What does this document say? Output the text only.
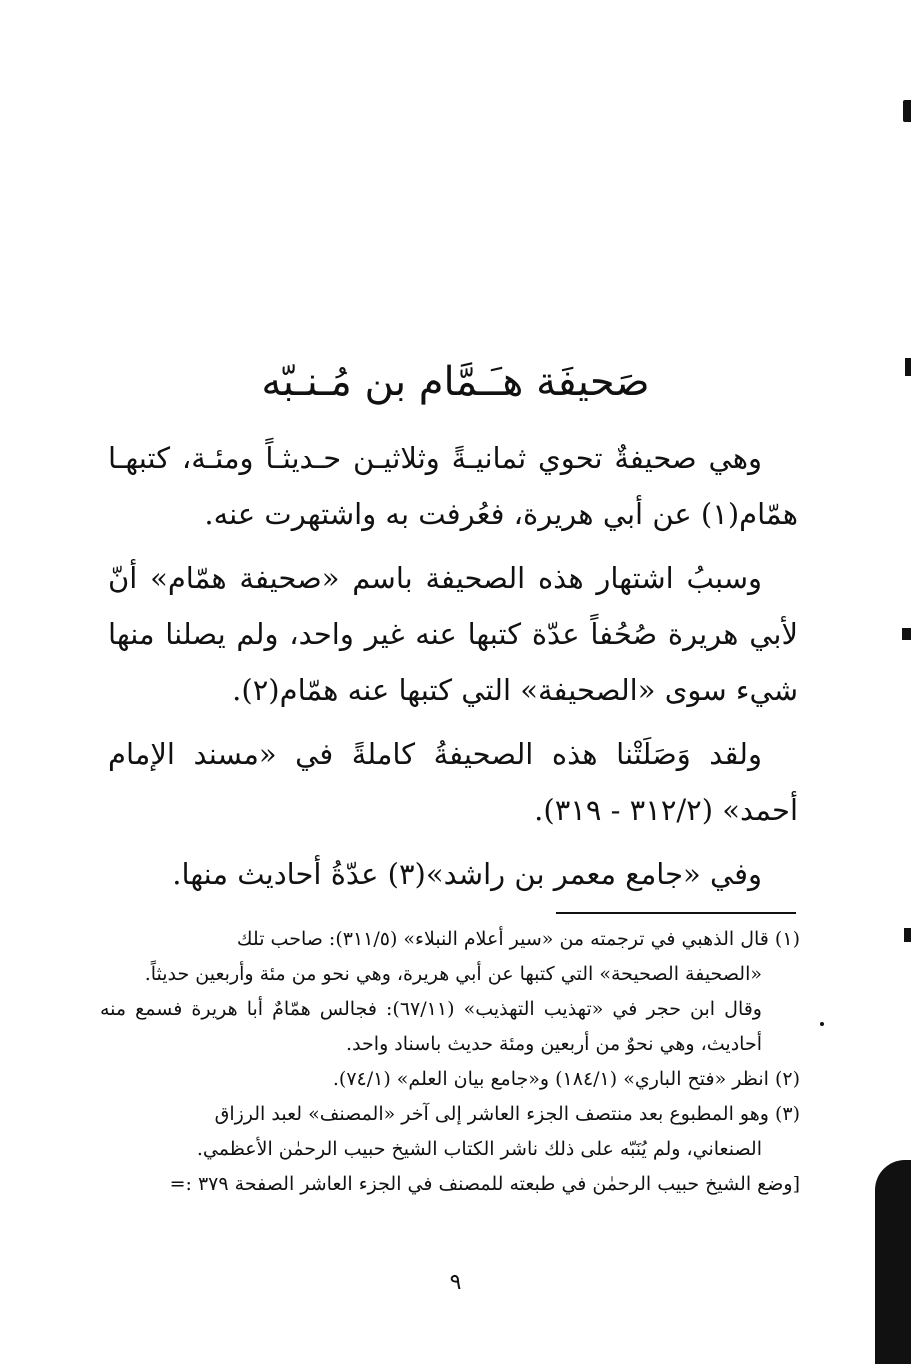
صَحيفَة هـَـمَّام بن مُـنـبّه

وهي صحيفةٌ تحوي ثمانيـةً وثلاثيـن حـديثـاً ومئـة، كتبهـا همّام(١) عن أبي هريرة، فعُرفت به واشتهرت عنه.

وسببُ اشتهار هذه الصحيفة باسم «صحيفة همّام» أنّ لأبي هريرة صُحُفاً عدّة كتبها عنه غير واحد، ولم يصلنا منها شيء سوى «الصحيفة» التي كتبها عنه همّام(٢).

ولقد وَصَلَتْنا هذه الصحيفةُ كاملةً في «مسند الإمام أحمد» (٣١٢/٢ - ٣١٩).

وفي «جامع معمر بن راشد»(٣) عدّةُ أحاديث منها.

(١) قال الذهبي في ترجمته من «سير أعلام النبلاء» (٣١١/٥): صاحب تلك

«الصحيفة الصحيحة» التي كتبها عن أبي هريرة، وهي نحو من مئة وأربعين حديثاً.

وقال ابن حجر في «تهذيب التهذيب» (٦٧/١١): فجالس همّامٌ أبا هريرة فسمع منه أحاديث، وهي نحوٌ من أربعين ومئة حديث باسناد واحد.

(٢) انظر «فتح الباري» (١٨٤/١) و«جامع بيان العلم» (٧٤/١).

(٣) وهو المطبوع بعد منتصف الجزء العاشر إلى آخر «المصنف» لعبد الرزاق

الصنعاني، ولم يُنَبّه على ذلك ناشر الكتاب الشيخ حبيب الرحمٰن الأعظمي.

[وضع الشيخ حبيب الرحمٰن في طبعته للمصنف في الجزء العاشر الصفحة ٣٧٩ :=

٩
